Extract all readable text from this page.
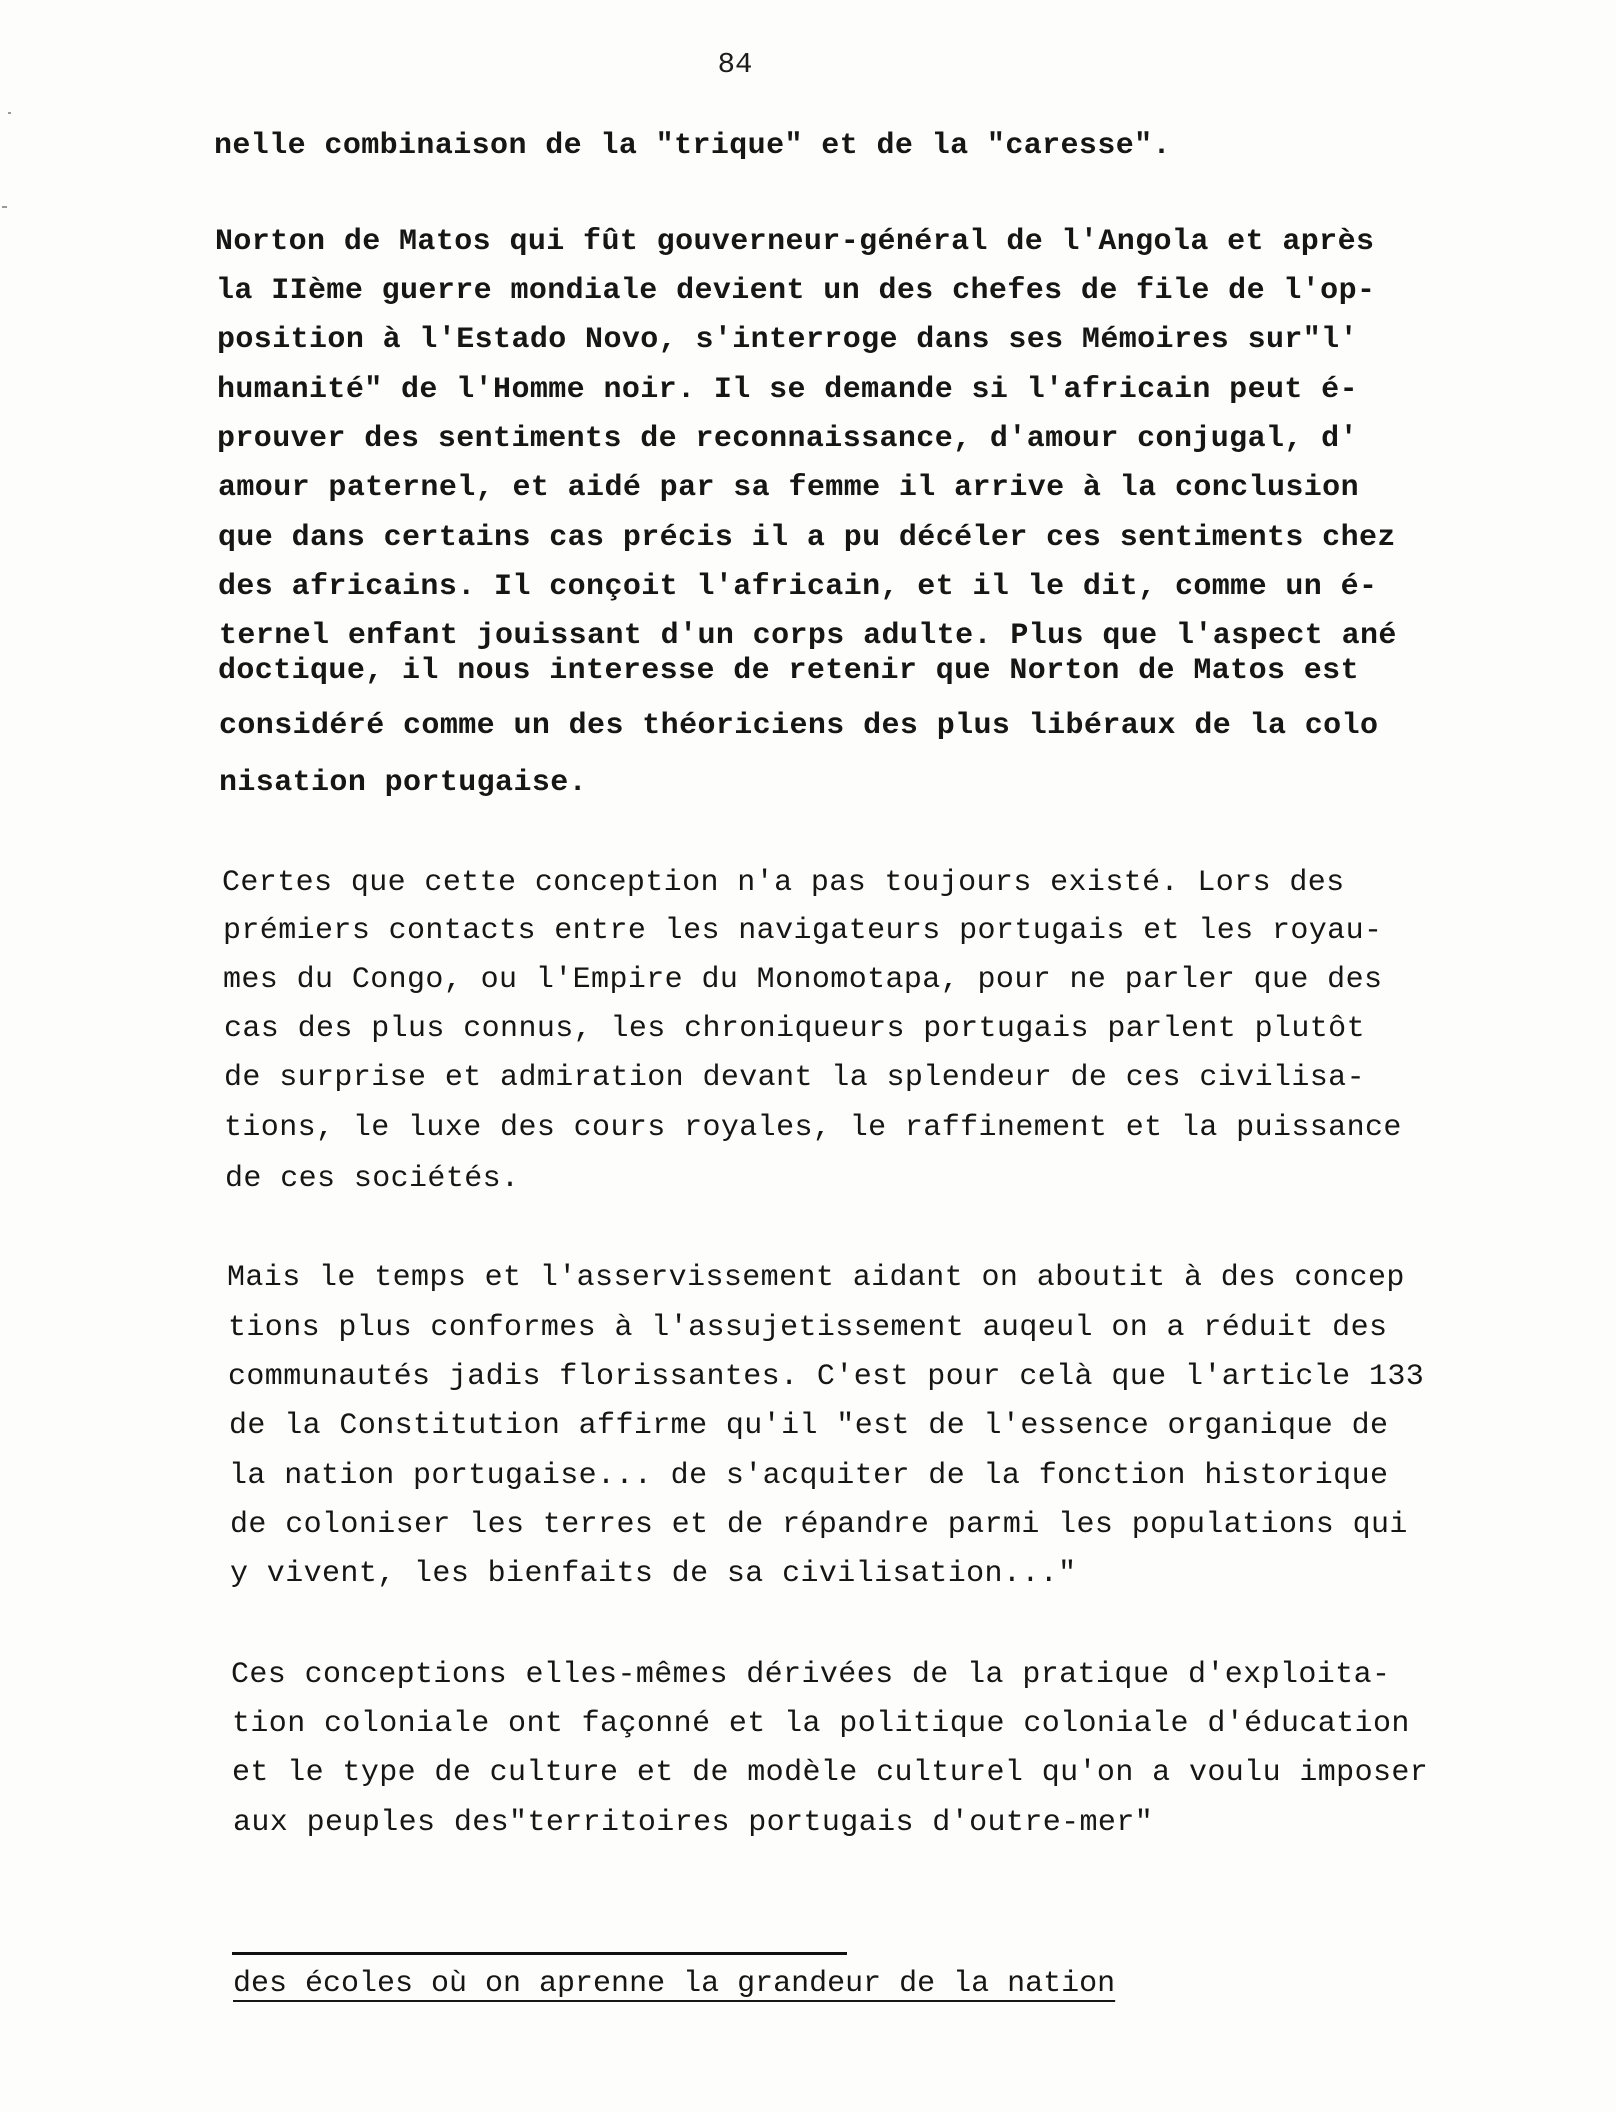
84
nelle combinaison de la "trique" et de la "caresse".
Norton de Matos qui fût gouverneur-général de l'Angola et après
la IIème guerre mondiale devient un des chefes de file de l'op-
position à l'Estado Novo, s'interroge dans ses Mémoires sur"l'
humanité" de l'Homme noir. Il se demande si l'africain peut é-
prouver des sentiments de reconnaissance, d'amour conjugal, d'
amour paternel, et aidé par sa femme il arrive à la conclusion
que dans certains cas précis il a pu décéler ces sentiments chez
des africains. Il conçoit l'africain, et il le dit, comme un é-
ternel enfant jouissant d'un corps adulte. Plus que l'aspect ané
doctique, il nous interesse de retenir que Norton de Matos est
considéré comme un des théoriciens des plus libéraux de la colo
nisation portugaise.
Certes que cette conception n'a pas toujours existé. Lors des
prémiers contacts entre les navigateurs portugais et les royau-
mes du Congo, ou l'Empire du Monomotapa, pour ne parler que des
cas des plus connus, les chroniqueurs portugais parlent plutôt
de surprise et admiration devant la splendeur de ces civilisa-
tions, le luxe des cours royales, le raffinement et la puissance
de ces sociétés.
Mais le temps et l'asservissement aidant on aboutit à des concep
tions plus conformes à l'assujetissement auqeul on a réduit des
communautés jadis florissantes. C'est pour celà que l'article 133
de la Constitution affirme qu'il "est de l'essence organique de
la nation portugaise... de s'acquiter de la fonction historique
de coloniser les terres et de répandre parmi les populations qui
y vivent, les bienfaits de sa civilisation..."
Ces conceptions elles-mêmes dérivées de la pratique d'exploita-
tion coloniale ont façonné et la politique coloniale d'éducation
et le type de culture et de modèle culturel qu'on a voulu imposer
aux peuples des"territoires portugais d'outre-mer"
des écoles où on aprenne la grandeur de la nation
